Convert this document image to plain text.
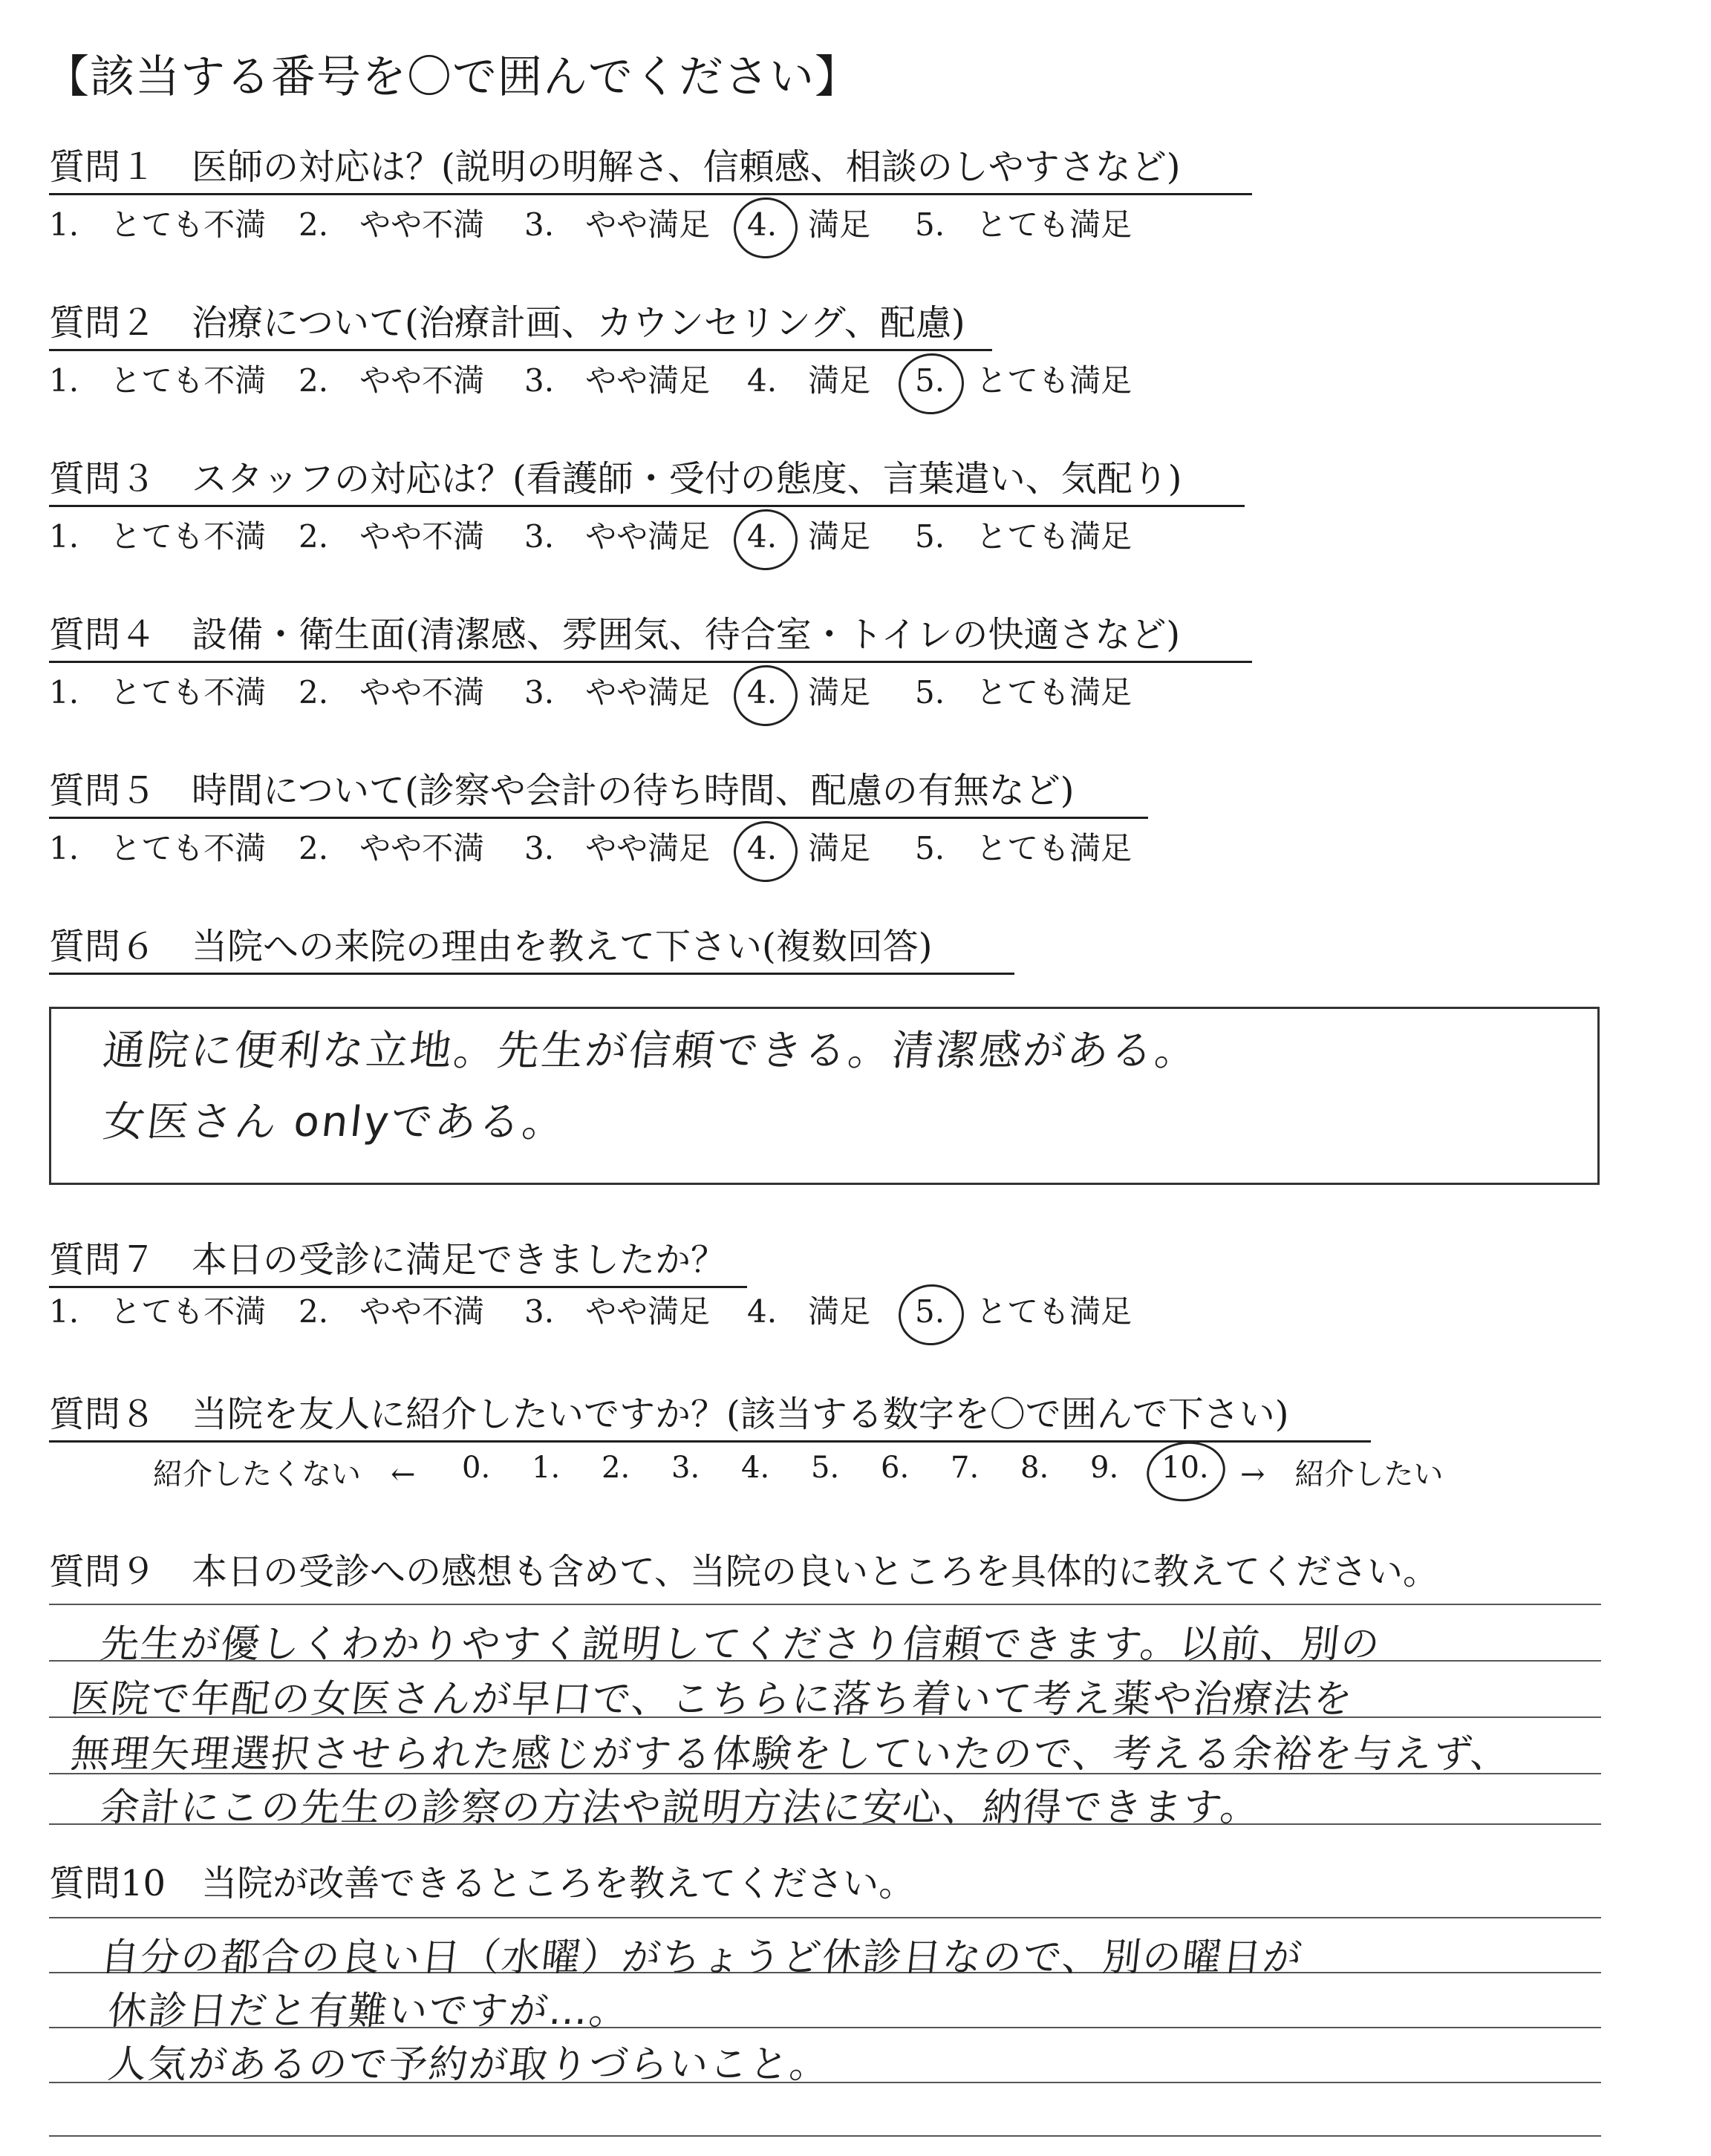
【該当する番号を〇で囲んでください】
質問１　医師の対応は？(説明の明解さ、信頼感、相談のしやすさなど)
1.　とても不満 2.　やや不満 3.　やや満足 4.　満足 5.　とても満足
質問２　治療について(治療計画、カウンセリング、配慮)
1.　とても不満 2.　やや不満 3.　やや満足 4.　満足 5.　とても満足
質問３　スタッフの対応は？(看護師・受付の態度、言葉遣い、気配り)
1.　とても不満 2.　やや不満 3.　やや満足 4.　満足 5.　とても満足
質問４　設備・衛生面(清潔感、雰囲気、待合室・トイレの快適さなど)
1.　とても不満 2.　やや不満 3.　やや満足 4.　満足 5.　とても満足
質問５　時間について(診察や会計の待ち時間、配慮の有無など)
1.　とても不満 2.　やや不満 3.　やや満足 4.　満足 5.　とても満足
質問６　当院への来院の理由を教えて下さい(複数回答)
通院に便利な立地。先生が信頼できる。清潔感がある。
女医さん onlyである。
質問７　本日の受診に満足できましたか？
1.　とても不満 2.　やや不満 3.　やや満足 4.　満足 5.　とても満足
質問８　当院を友人に紹介したいですか？(該当する数字を〇で囲んで下さい)
紹介したくない　← 0. 1. 2. 3. 4. 5. 6. 7. 8. 9. 10. →　紹介したい
質問９　本日の受診への感想も含めて、当院の良いところを具体的に教えてください。
先生が優しくわかりやすく説明してくださり信頼できます。以前、別の
医院で年配の女医さんが早口で、こちらに落ち着いて考え薬や治療法を
無理矢理選択させられた感じがする体験をしていたので、考える余裕を与えず、
余計にこの先生の診察の方法や説明方法に安心、納得できます。
質問10　当院が改善できるところを教えてください。
自分の都合の良い日（水曜）がちょうど休診日なので、別の曜日が
休診日だと有難いですが…。
人気があるので予約が取りづらいこと。
